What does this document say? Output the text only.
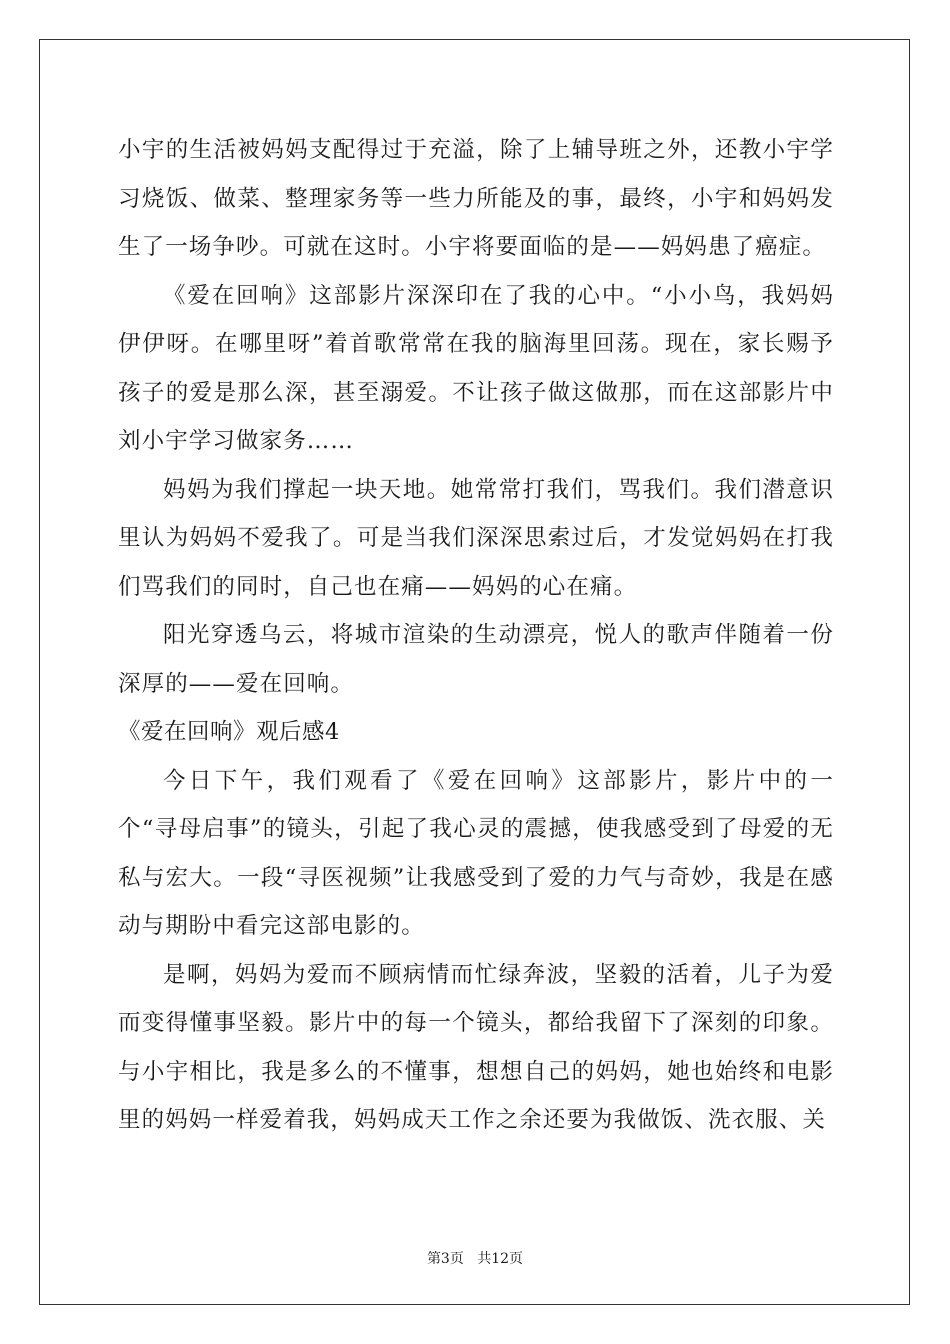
小宇的生活被妈妈支配得过于充溢，除了上辅导班之外，还教小宇学习烧饭、做菜、整理家务等一些力所能及的事，最终，小宇和妈妈发生了一场争吵。可就在这时。小宇将要面临的是——妈妈患了癌症。

《爱在回响》这部影片深深印在了我的心中。“小小鸟，我妈妈伊伊呀。在哪里呀”着首歌常常在我的脑海里回荡。现在，家长赐予孩子的爱是那么深，甚至溺爱。不让孩子做这做那，而在这部影片中刘小宇学习做家务……

妈妈为我们撑起一块天地。她常常打我们，骂我们。我们潜意识里认为妈妈不爱我了。可是当我们深深思索过后，才发觉妈妈在打我们骂我们的同时，自己也在痛——妈妈的心在痛。

阳光穿透乌云，将城市渲染的生动漂亮，悦人的歌声伴随着一份深厚的——爱在回响。

《爱在回响》观后感4

今日下午，我们观看了《爱在回响》这部影片，影片中的一个“寻母启事”的镜头，引起了我心灵的震撼，使我感受到了母爱的无私与宏大。一段“寻医视频”让我感受到了爱的力气与奇妙，我是在感动与期盼中看完这部电影的。

是啊，妈妈为爱而不顾病情而忙绿奔波，坚毅的活着，儿子为爱而变得懂事坚毅。影片中的每一个镜头，都给我留下了深刻的印象。与小宇相比，我是多么的不懂事，想想自己的妈妈，她也始终和电影里的妈妈一样爱着我，妈妈成天工作之余还要为我做饭、洗衣服、关

第3页 共12页
